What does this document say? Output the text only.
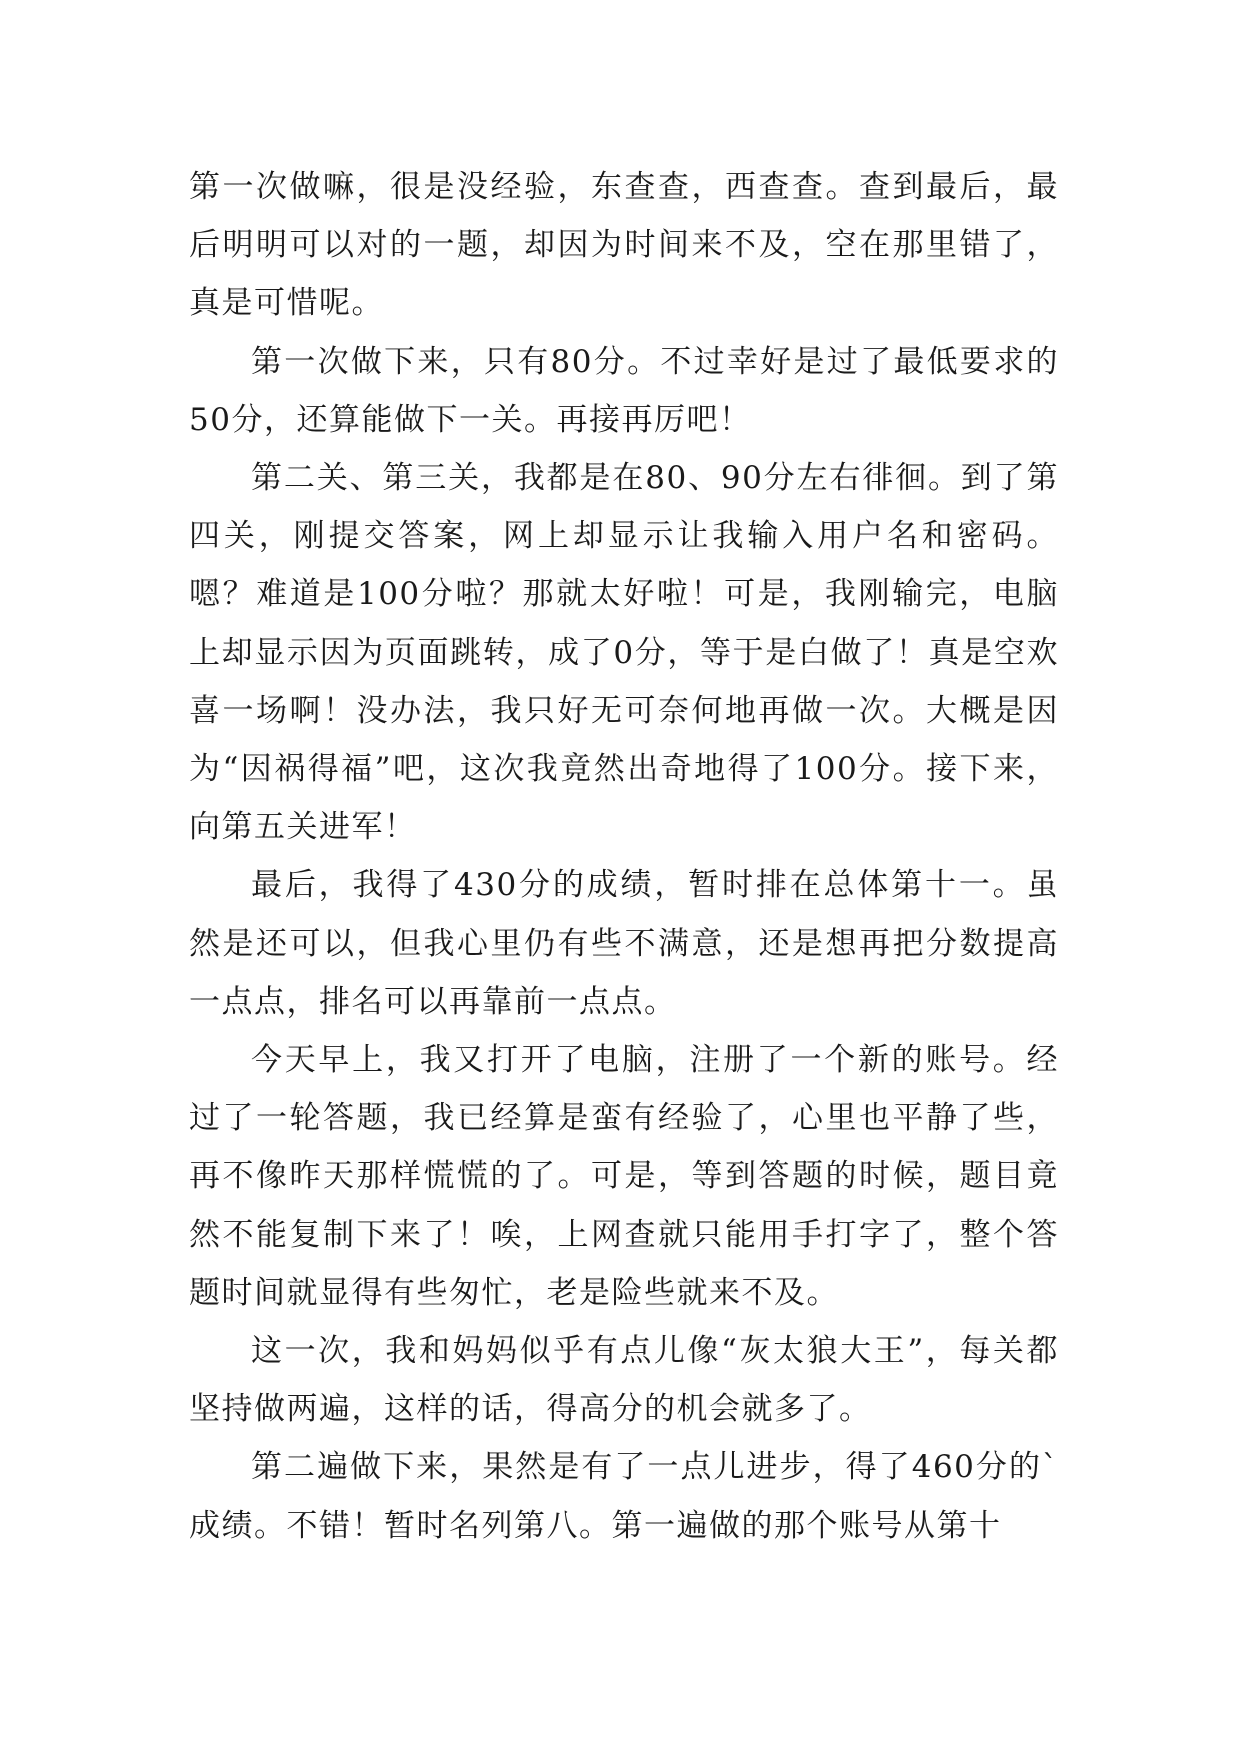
第一次做嘛，很是没经验，东查查，西查查。查到最后，最后明明可以对的一题，却因为时间来不及，空在那里错了，真是可惜呢。

第一次做下来，只有80分。不过幸好是过了最低要求的50分，还算能做下一关。再接再厉吧！

第二关、第三关，我都是在80、90分左右徘徊。到了第四关，刚提交答案，网上却显示让我输入用户名和密码。嗯？难道是100分啦？那就太好啦！可是，我刚输完，电脑上却显示因为页面跳转，成了0分，等于是白做了！真是空欢喜一场啊！没办法，我只好无可奈何地再做一次。大概是因为“因祸得福”吧，这次我竟然出奇地得了100分。接下来，向第五关进军！

最后，我得了430分的成绩，暂时排在总体第十一。虽然是还可以，但我心里仍有些不满意，还是想再把分数提高一点点，排名可以再靠前一点点。

今天早上，我又打开了电脑，注册了一个新的账号。经过了一轮答题，我已经算是蛮有经验了，心里也平静了些，再不像昨天那样慌慌的了。可是，等到答题的时候，题目竟然不能复制下来了！唉，上网查就只能用手打字了，整个答题时间就显得有些匆忙，老是险些就来不及。

这一次，我和妈妈似乎有点儿像“灰太狼大王”，每关都坚持做两遍，这样的话，得高分的机会就多了。

第二遍做下来，果然是有了一点儿进步，得了460分的`成绩。不错！暂时名列第八。第一遍做的那个账号从第十
